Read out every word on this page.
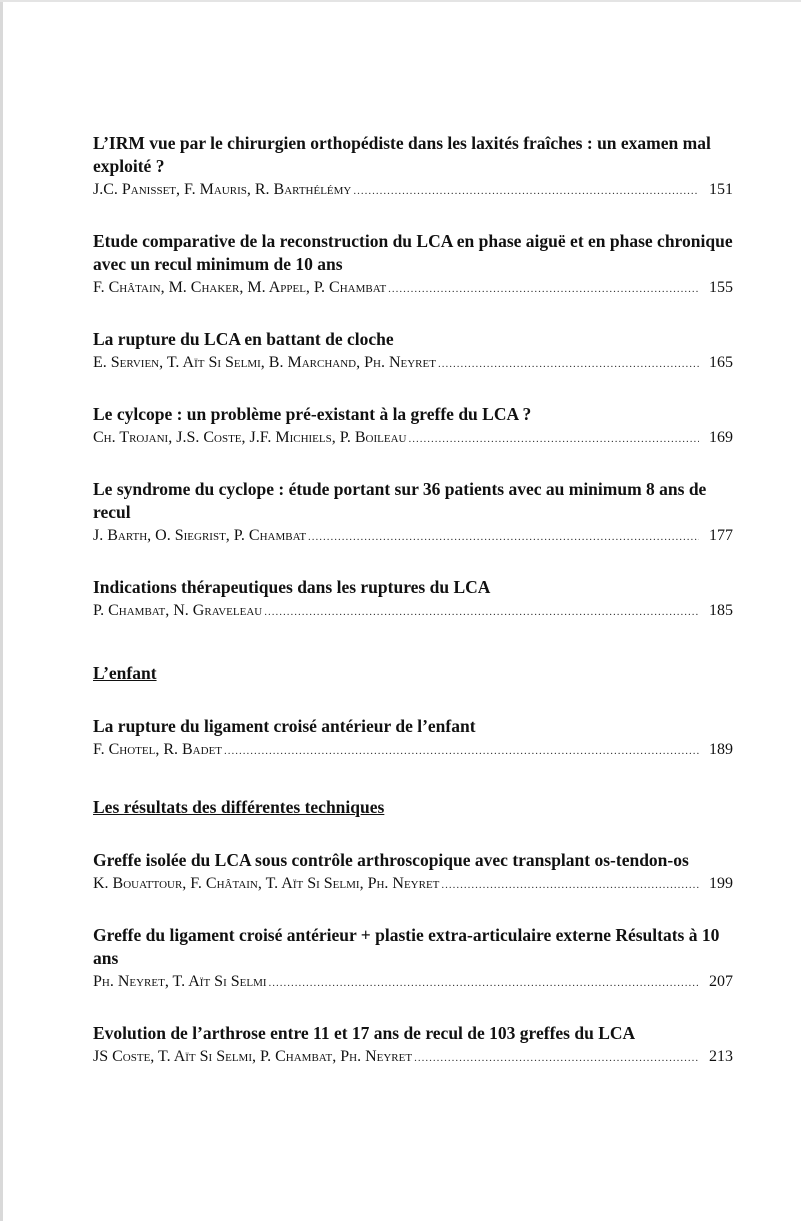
L’IRM vue par le chirurgien orthopédiste dans les laxités fraîches : un examen mal exploité ?
J.C. Panisset, F. Mauris, R. Barthélémy .....	151
Etude comparative de la reconstruction du LCA en phase aiguë et en phase chronique avec un recul minimum de 10 ans
F. Châtain, M. Chaker, M. Appel, P. Chambat .....	155
La rupture du LCA en battant de cloche
E. Servien, T. Aït Si Selmi, B. Marchand, Ph. Neyret .....	165
Le cylcope : un problème pré-existant à la greffe du LCA ?
Ch. Trojani, J.S. Coste, J.F. Michiels, P. Boileau .....	169
Le syndrome du cyclope : étude portant sur 36 patients avec au minimum 8 ans de recul
J. Barth, O. Siegrist, P. Chambat .....	177
Indications thérapeutiques dans les ruptures du LCA
P. Chambat, N. Graveleau .....	185
L’enfant
La rupture du ligament croisé antérieur de l’enfant
F. Chotel, R. Badet .....	189
Les résultats des différentes techniques
Greffe isolée du LCA sous contrôle arthroscopique avec transplant os-tendon-os
K. Bouattour, F. Châtain, T. Aït Si Selmi, Ph. Neyret .....	199
Greffe du ligament croisé antérieur + plastie extra-articulaire externe Résultats à 10 ans
Ph. Neyret, T. Aït Si Selmi .....	207
Evolution de l’arthrose entre 11 et 17 ans de recul de 103 greffes du LCA
JS Coste, T. Aït Si Selmi, P. Chambat, Ph. Neyret .....	213
